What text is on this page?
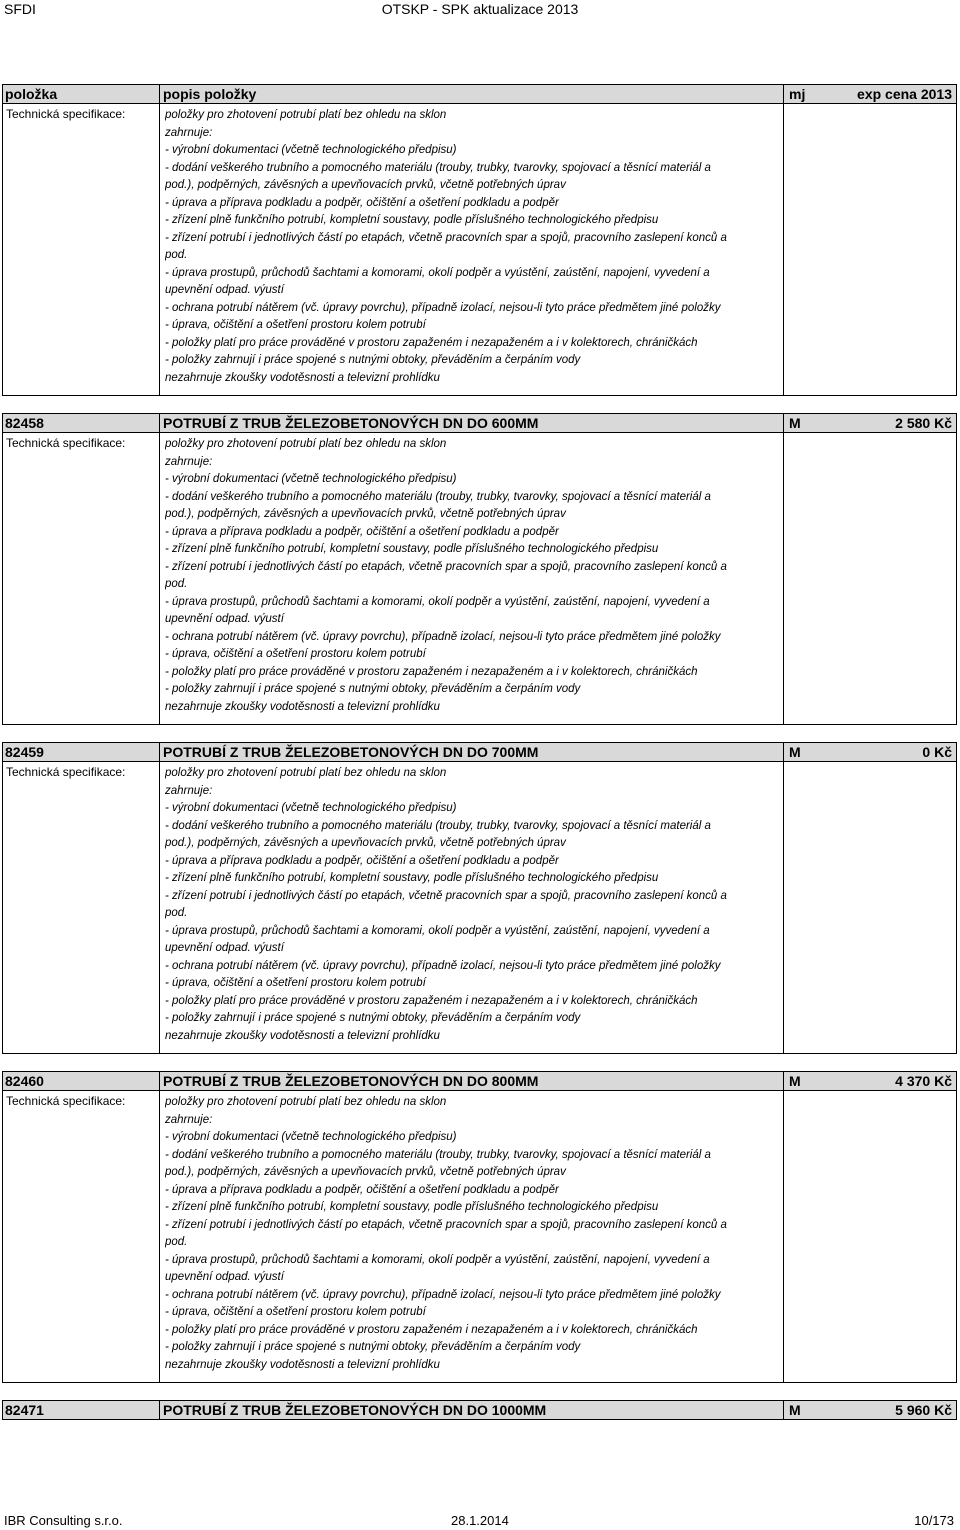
SFDI	OTSKP - SPK aktualizace 2013
položka	popis položky	mj	exp cena 2013
Technická specifikace:	položky pro zhotovení potrubí platí bez ohledu na sklon
zahrnuje:
- výrobní dokumentaci (včetně technologického předpisu)
- dodání veškerého trubního a pomocného materiálu (trouby, trubky, tvarovky, spojovací a těsnící materiál a
pod.), podpěrných, závěsných a upevňovacích prvků, včetně potřebných úprav
- úprava a příprava podkladu a podpěr, očištění a ošetření podkladu a podpěr
- zřízení plně funkčního potrubí, kompletní soustavy, podle příslušného technologického předpisu
- zřízení potrubí i jednotlivých částí po etapách, včetně pracovních spar a spojů, pracovního zaslepení konců a
pod.
- úprava prostupů, průchodů šachtami a komorami, okolí podpěr a vyústění, zaústění, napojení, vyvedení a
upevnění odpad. výustí
- ochrana potrubí nátěrem (vč. úpravy povrchu), případně izolací, nejsou-li tyto práce předmětem jiné položky
- úprava, očištění a ošetření prostoru kolem potrubí
- položky platí pro práce prováděné v prostoru zapaženém i nezapaženém a i v kolektorech, chráničkách
- položky zahrnují i práce spojené s nutnými obtoky, převáděním a čerpáním vody
nezahrnuje zkoušky vodotěsnosti a televizní prohlídku
82458	POTRUBÍ Z TRUB ŽELEZOBETONOVÝCH DN DO 600MM	M	2 580 Kč
Technická specifikace:	položky pro zhotovení potrubí platí bez ohledu na sklon
zahrnuje:
- výrobní dokumentaci (včetně technologického předpisu)
- dodání veškerého trubního a pomocného materiálu (trouby, trubky, tvarovky, spojovací a těsnící materiál a
pod.), podpěrných, závěsných a upevňovacích prvků, včetně potřebných úprav
- úprava a příprava podkladu a podpěr, očištění a ošetření podkladu a podpěr
- zřízení plně funkčního potrubí, kompletní soustavy, podle příslušného technologického předpisu
- zřízení potrubí i jednotlivých částí po etapách, včetně pracovních spar a spojů, pracovního zaslepení konců a
pod.
- úprava prostupů, průchodů šachtami a komorami, okolí podpěr a vyústění, zaústění, napojení, vyvedení a
upevnění odpad. výustí
- ochrana potrubí nátěrem (vč. úpravy povrchu), případně izolací, nejsou-li tyto práce předmětem jiné položky
- úprava, očištění a ošetření prostoru kolem potrubí
- položky platí pro práce prováděné v prostoru zapaženém i nezapaženém a i v kolektorech, chráničkách
- položky zahrnují i práce spojené s nutnými obtoky, převáděním a čerpáním vody
nezahrnuje zkoušky vodotěsnosti a televizní prohlídku
82459	POTRUBÍ Z TRUB ŽELEZOBETONOVÝCH DN DO 700MM	M	0 Kč
Technická specifikace:	položky pro zhotovení potrubí platí bez ohledu na sklon
zahrnuje:
- výrobní dokumentaci (včetně technologického předpisu)
- dodání veškerého trubního a pomocného materiálu (trouby, trubky, tvarovky, spojovací a těsnící materiál a
pod.), podpěrných, závěsných a upevňovacích prvků, včetně potřebných úprav
- úprava a příprava podkladu a podpěr, očištění a ošetření podkladu a podpěr
- zřízení plně funkčního potrubí, kompletní soustavy, podle příslušného technologického předpisu
- zřízení potrubí i jednotlivých částí po etapách, včetně pracovních spar a spojů, pracovního zaslepení konců a
pod.
- úprava prostupů, průchodů šachtami a komorami, okolí podpěr a vyústění, zaústění, napojení, vyvedení a
upevnění odpad. výustí
- ochrana potrubí nátěrem (vč. úpravy povrchu), případně izolací, nejsou-li tyto práce předmětem jiné položky
- úprava, očištění a ošetření prostoru kolem potrubí
- položky platí pro práce prováděné v prostoru zapaženém i nezapaženém a i v kolektorech, chráničkách
- položky zahrnují i práce spojené s nutnými obtoky, převáděním a čerpáním vody
nezahrnuje zkoušky vodotěsnosti a televizní prohlídku
82460	POTRUBÍ Z TRUB ŽELEZOBETONOVÝCH DN DO 800MM	M	4 370 Kč
Technická specifikace:	položky pro zhotovení potrubí platí bez ohledu na sklon
zahrnuje:
- výrobní dokumentaci (včetně technologického předpisu)
- dodání veškerého trubního a pomocného materiálu (trouby, trubky, tvarovky, spojovací a těsnící materiál a
pod.), podpěrných, závěsných a upevňovacích prvků, včetně potřebných úprav
- úprava a příprava podkladu a podpěr, očištění a ošetření podkladu a podpěr
- zřízení plně funkčního potrubí, kompletní soustavy, podle příslušného technologického předpisu
- zřízení potrubí i jednotlivých částí po etapách, včetně pracovních spar a spojů, pracovního zaslepení konců a
pod.
- úprava prostupů, průchodů šachtami a komorami, okolí podpěr a vyústění, zaústění, napojení, vyvedení a
upevnění odpad. výustí
- ochrana potrubí nátěrem (vč. úpravy povrchu), případně izolací, nejsou-li tyto práce předmětem jiné položky
- úprava, očištění a ošetření prostoru kolem potrubí
- položky platí pro práce prováděné v prostoru zapaženém i nezapaženém a i v kolektorech, chráničkách
- položky zahrnují i práce spojené s nutnými obtoky, převáděním a čerpáním vody
nezahrnuje zkoušky vodotěsnosti a televizní prohlídku
82471	POTRUBÍ Z TRUB ŽELEZOBETONOVÝCH DN DO 1000MM	M	5 960 Kč
IBR Consulting s.r.o.	28.1.2014	10/173
